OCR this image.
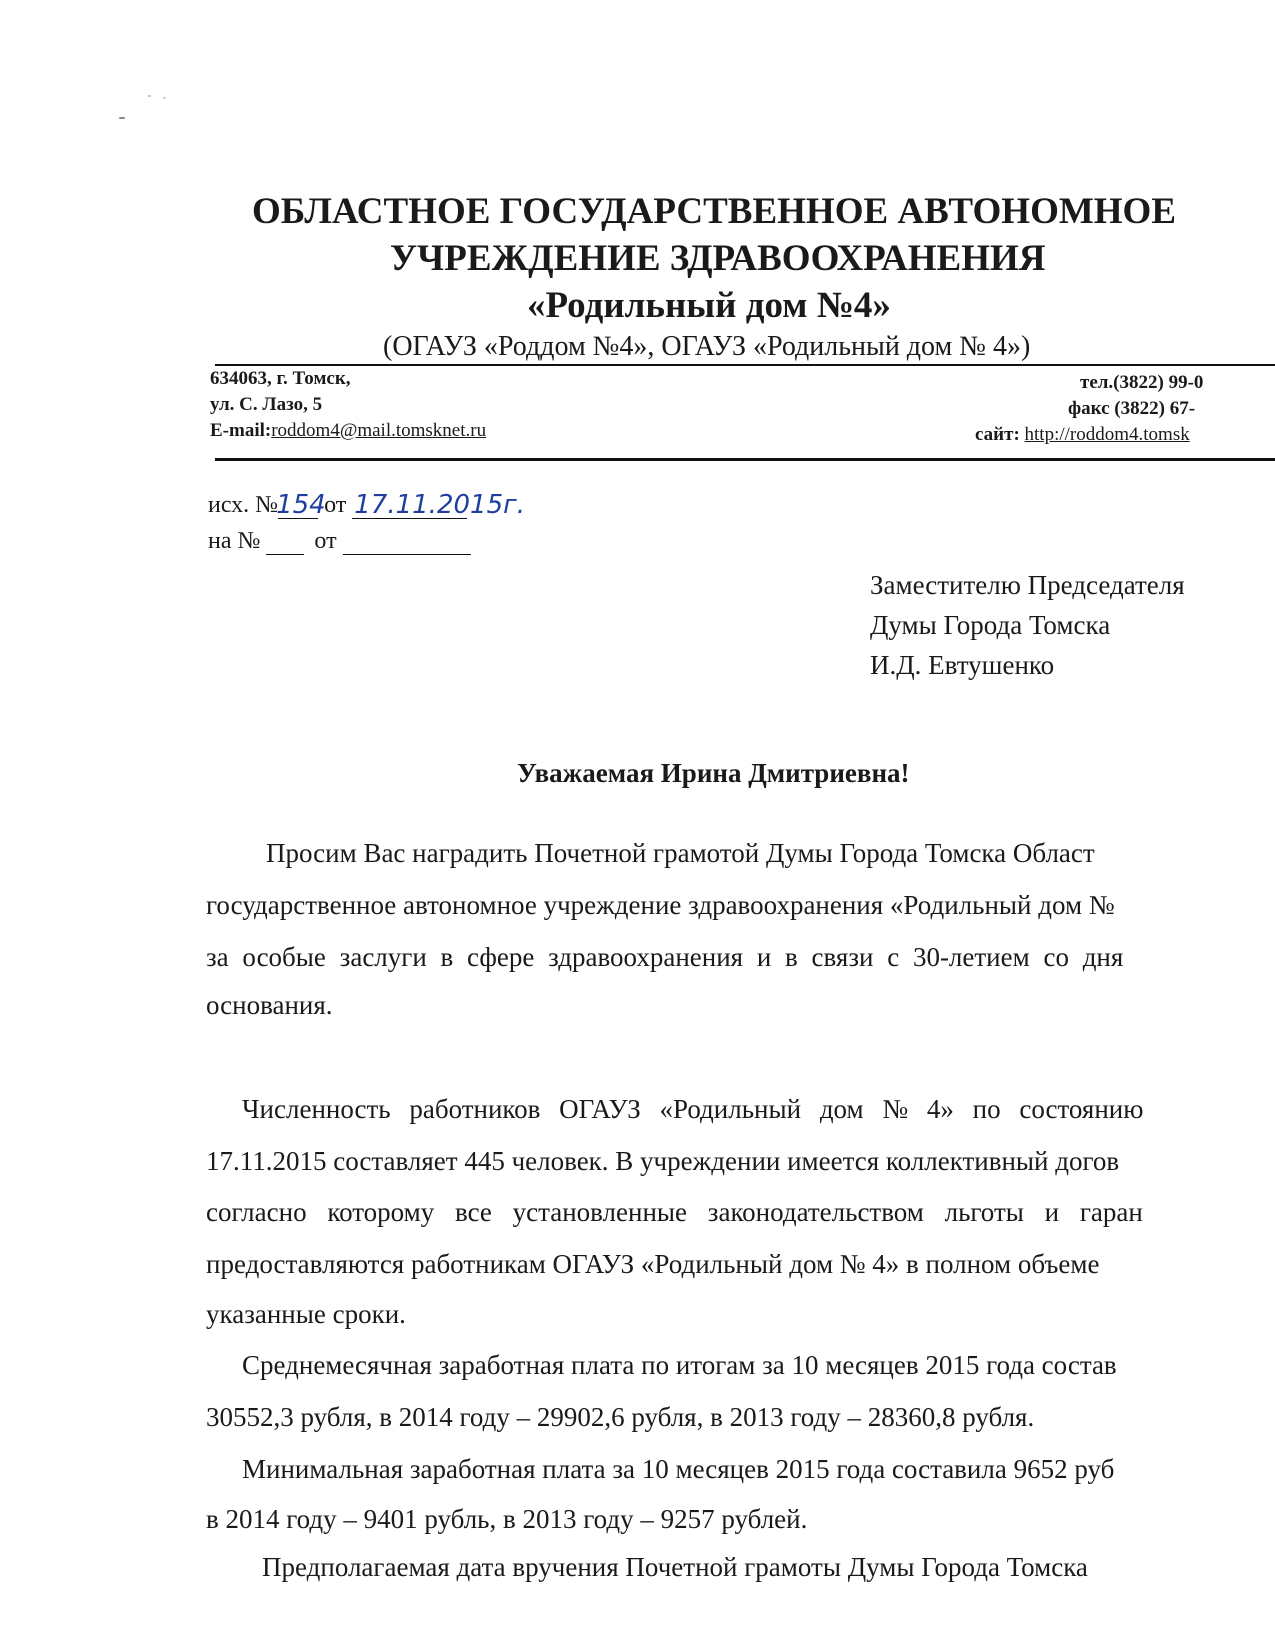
ОБЛАСТНОЕ ГОСУДАРСТВЕННОЕ АВТОНОМНОЕ
УЧРЕЖДЕНИЕ ЗДРАВООХРАНЕНИЯ
«Родильный дом №4»
(ОГАУЗ «Роддом №4», ОГАУЗ «Родильный дом № 4»)
634063, г. Томск,
ул. С. Лазо, 5
E-mail:roddom4@mail.tomsknet.ru
тел.(3822) 99-0
факс (3822) 67-
сайт: http://roddom4.tomsk
исх. №
154
от 17.11.2015г.
на № от
Заместителю Председателя
Думы Города Томска
И.Д. Евтушенко
Уважаемая Ирина Дмитриевна!
Просим Вас наградить Почетной грамотой Думы Города Томска Област
государственное автономное учреждение здравоохранения «Родильный дом №
за особые заслуги в сфере здравоохранения и в связи с 30-летием со дня
основания.
Численность работников ОГАУЗ «Родильный дом № 4» по состоянию
17.11.2015 составляет 445 человек. В учреждении имеется коллективный догов
согласно которому все установленные законодательством льготы и гаран
предоставляются работникам ОГАУЗ «Родильный дом № 4» в полном объеме
указанные сроки.
Среднемесячная заработная плата по итогам за 10 месяцев 2015 года состав
30552,3 рубля, в 2014 году – 29902,6 рубля, в 2013 году – 28360,8 рубля.
Минимальная заработная плата за 10 месяцев 2015 года составила 9652 руб
в 2014 году – 9401 рубль, в 2013 году – 9257 рублей.
Предполагаемая дата вручения Почетной грамоты Думы Города Томска
